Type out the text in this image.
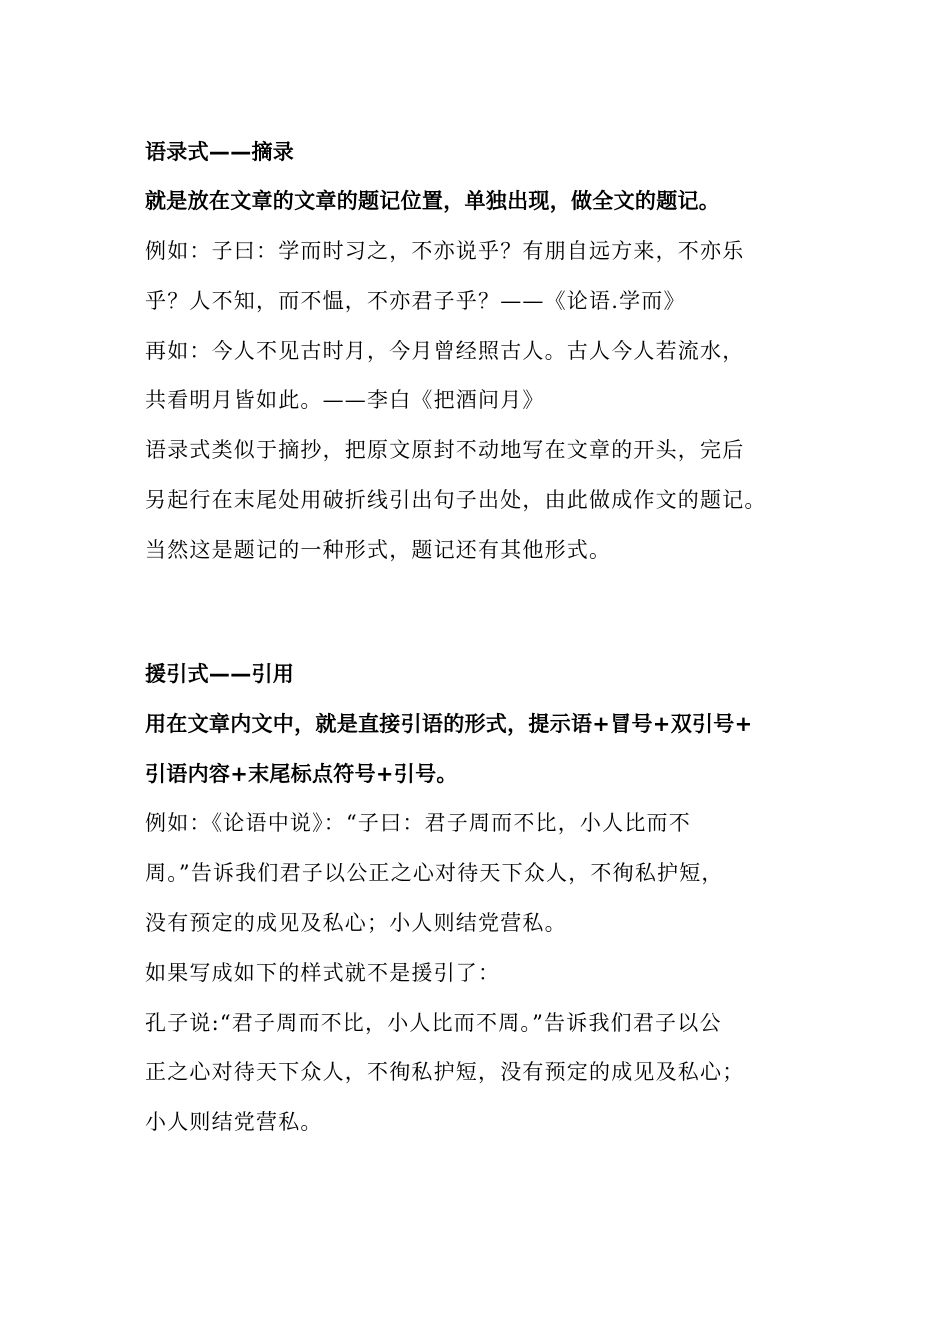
语录式——摘录
就是放在文章的文章的题记位置，单独出现，做全文的题记。
例如：子曰：学而时习之，不亦说乎？有朋自远方来，不亦乐
乎？人不知，而不愠，不亦君子乎？——《论语.学而》
再如：今人不见古时月，今月曾经照古人。古人今人若流水，
共看明月皆如此。——李白《把酒问月》
语录式类似于摘抄，把原文原封不动地写在文章的开头，完后
另起行在末尾处用破折线引出句子出处，由此做成作文的题记。
当然这是题记的一种形式，题记还有其他形式。
援引式——引用
用在文章内文中，就是直接引语的形式，提示语+冒号+双引号+
引语内容+末尾标点符号+引号。
例如：《论语中说》：“子曰：君子周而不比，小人比而不
周。”告诉我们君子以公正之心对待天下众人，不徇私护短，
没有预定的成见及私心；小人则结党营私。
如果写成如下的样式就不是援引了：
孔子说:“君子周而不比，小人比而不周。”告诉我们君子以公
正之心对待天下众人，不徇私护短，没有预定的成见及私心；
小人则结党营私。
